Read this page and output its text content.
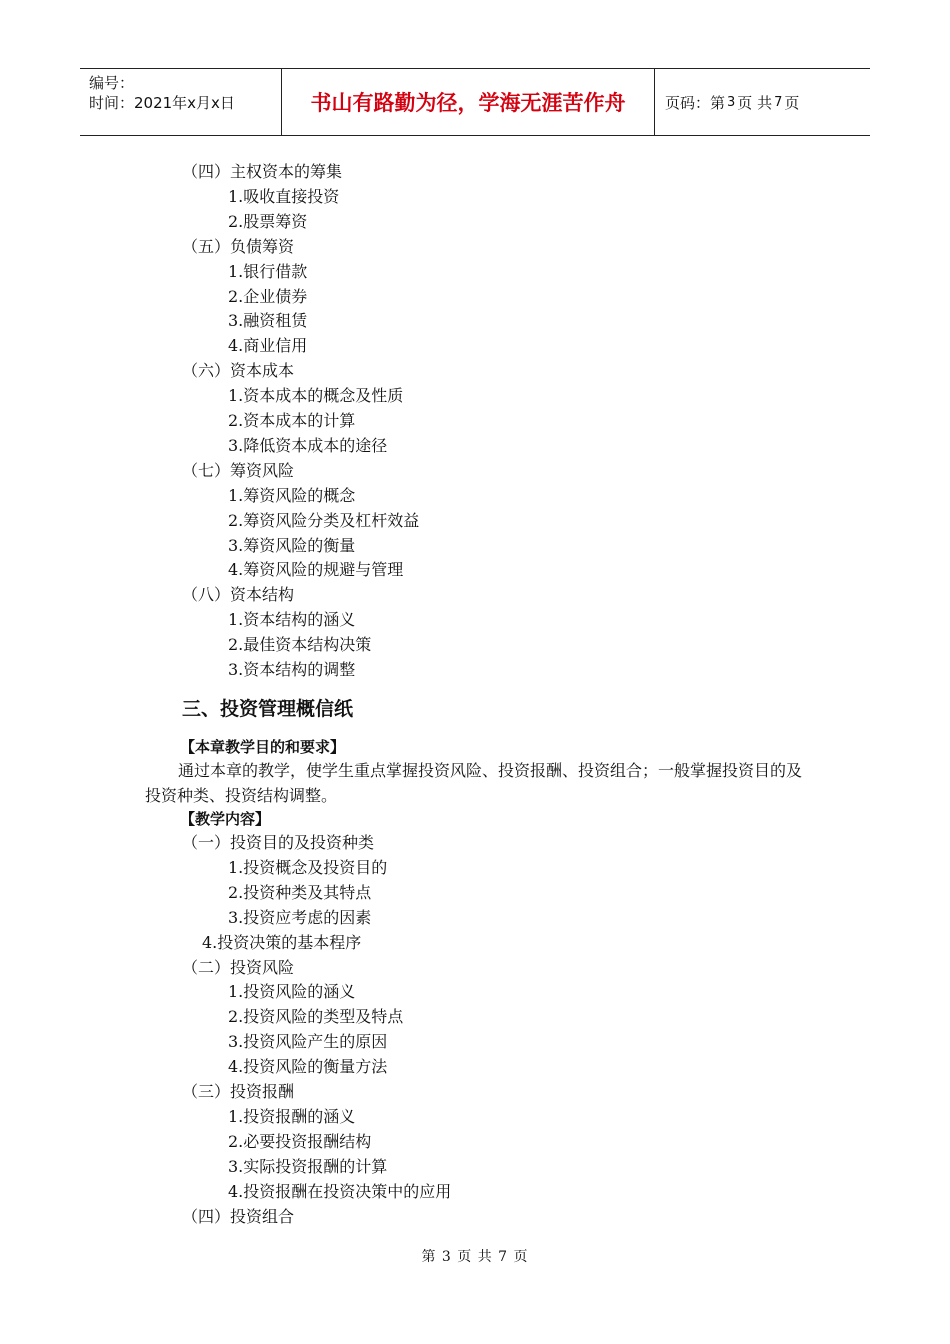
编号：
时间：2021年x月x日	书山有路勤为径，学海无涯苦作舟	页码：第 3 页 共 7 页
（四）主权资本的筹集
1.吸收直接投资
2.股票筹资
（五）负债筹资
1.银行借款
2.企业债券
3.融资租赁
4.商业信用
（六）资本成本
1.资本成本的概念及性质
2.资本成本的计算
3.降低资本成本的途径
（七）筹资风险
1.筹资风险的概念
2.筹资风险分类及杠杆效益
3.筹资风险的衡量
4.筹资风险的规避与管理
（八）资本结构
1.资本结构的涵义
2.最佳资本结构决策
3.资本结构的调整
三、投资管理概信纸
【本章教学目的和要求】
通过本章的教学，使学生重点掌握投资风险、投资报酬、投资组合；一般掌握投资目的及投资种类、投资结构调整。
【教学内容】
（一）投资目的及投资种类
1.投资概念及投资目的
2.投资种类及其特点
3.投资应考虑的因素
4.投资决策的基本程序
（二）投资风险
1.投资风险的涵义
2.投资风险的类型及特点
3.投资风险产生的原因
4.投资风险的衡量方法
（三）投资报酬
1.投资报酬的涵义
2.必要投资报酬结构
3.实际投资报酬的计算
4.投资报酬在投资决策中的应用
（四）投资组合
第 3 页 共 7 页
